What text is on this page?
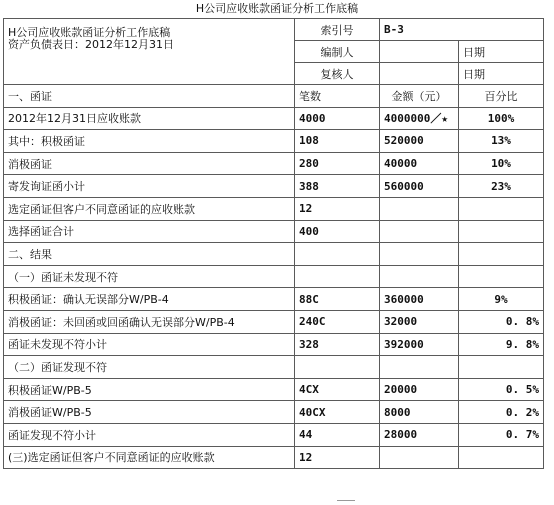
H公司应收账款函证分析工作底稿
H公司应收账款函证分析工作底稿
资产负债表日：2012年12月31日	索引号	B-3	
	编制人		日期
	复核人		日期
一、函证	笔数	金额（元）	百分比
2012年12月31日应收账款	4000	4000000／★	100%
其中：积极函证	108	520000	13%
消极函证	280	40000	10%
寄发询证函小计	388	560000	23%
选定函证但客户不同意函证的应收账款	12		
选择函证合计	400		
二、结果			
（一）函证未发现不符			
积极函证：确认无误部分W/PB-4	88C	360000	9%
消极函证：未回函或回函确认无误部分W/PB-4	240C	32000	0. 8%
函证未发现不符小计	328	392000	9. 8%
（二）函证发现不符			
积极函证W/PB-5	4CX	20000	0. 5%
消极函证W/PB-5	40CX	8000	0. 2%
函证发现不符小计	44	28000	0. 7%
(三)选定函证但客户不同意函证的应收账款	12		
